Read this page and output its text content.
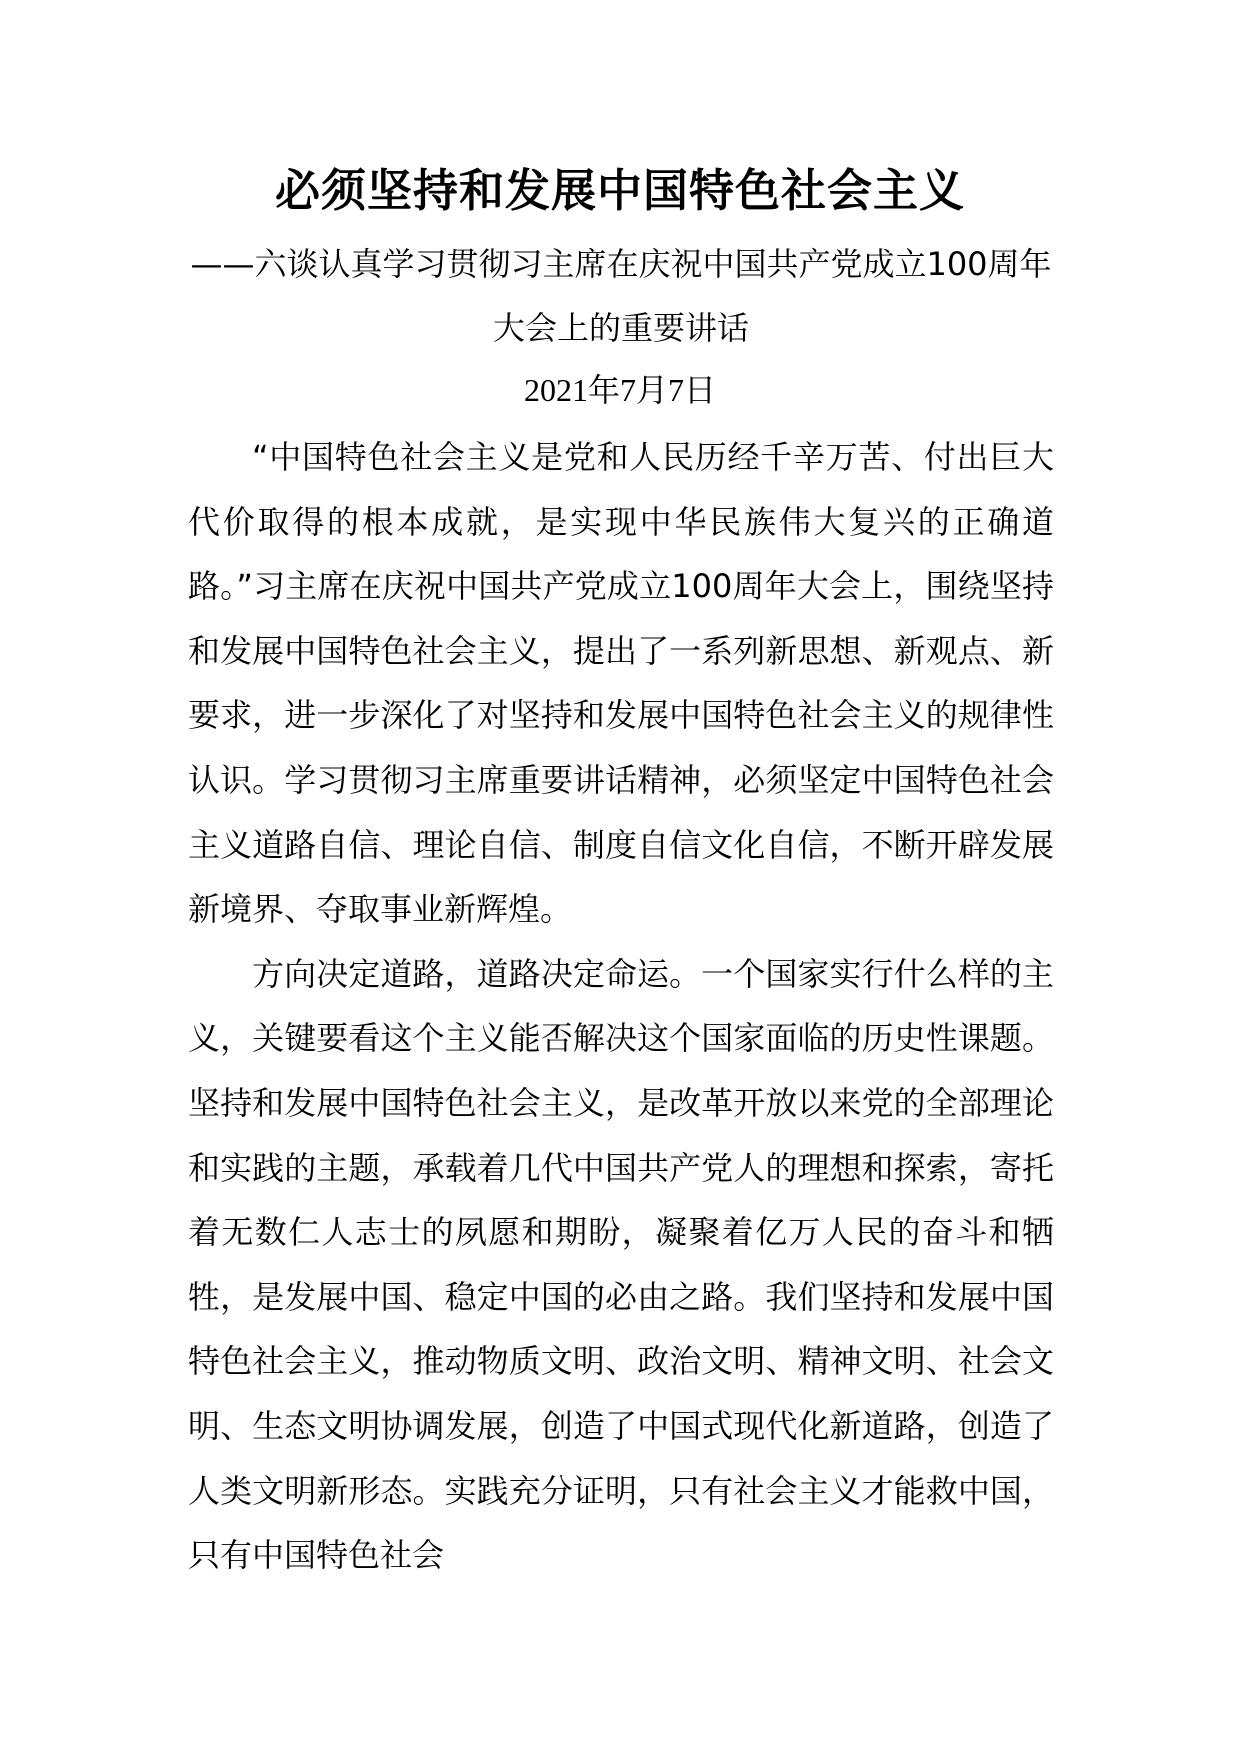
必须坚持和发展中国特色社会主义
——六谈认真学习贯彻习主席在庆祝中国共产党成立100周年大会上的重要讲话
2021年7月7日

“中国特色社会主义是党和人民历经千辛万苦、付出巨大代价取得的根本成就，是实现中华民族伟大复兴的正确道路。”习主席在庆祝中国共产党成立100周年大会上，围绕坚持和发展中国特色社会主义，提出了一系列新思想、新观点、新要求，进一步深化了对坚持和发展中国特色社会主义的规律性认识。学习贯彻习主席重要讲话精神，必须坚定中国特色社会主义道路自信、理论自信、制度自信文化自信，不断开辟发展新境界、夺取事业新辉煌。

方向决定道路，道路决定命运。一个国家实行什么样的主义，关键要看这个主义能否解决这个国家面临的历史性课题。坚持和发展中国特色社会主义，是改革开放以来党的全部理论和实践的主题，承载着几代中国共产党人的理想和探索，寄托着无数仁人志士的夙愿和期盼，凝聚着亿万人民的奋斗和牺牲，是发展中国、稳定中国的必由之路。我们坚持和发展中国特色社会主义，推动物质文明、政治文明、精神文明、社会文明、生态文明协调发展，创造了中国式现代化新道路，创造了人类文明新形态。实践充分证明，只有社会主义才能救中国，只有中国特色社会
